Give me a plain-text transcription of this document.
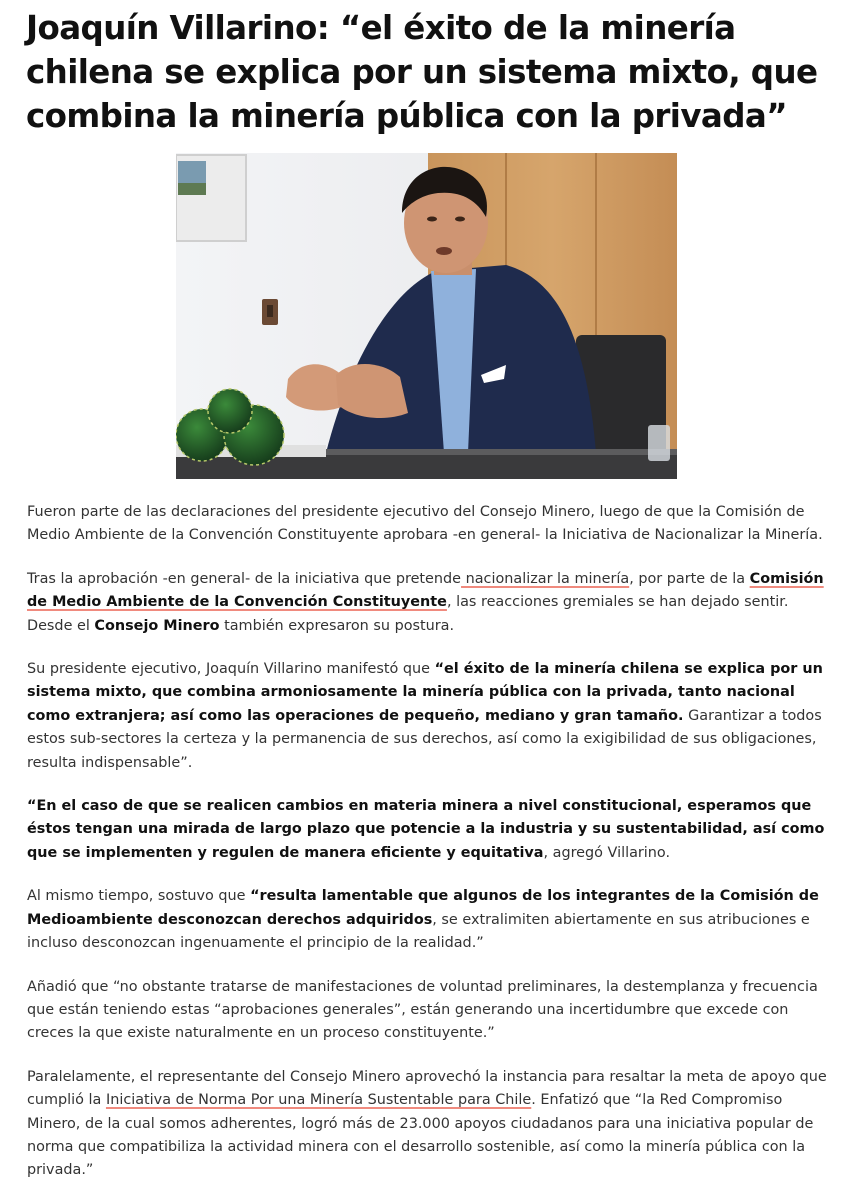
Joaquín Villarino: “el éxito de la minería chilena se explica por un sistema mixto, que combina la minería pública con la privada”

Fueron parte de las declaraciones del presidente ejecutivo del Consejo Minero, luego de que la Comisión de Medio Ambiente de la Convención Constituyente aprobara -en general- la Iniciativa de Nacionalizar la Minería.

Tras la aprobación -en general- de la iniciativa que pretende nacionalizar la minería, por parte de la Comisión de Medio Ambiente de la Convención Constituyente, las reacciones gremiales se han dejado sentir. Desde el Consejo Minero también expresaron su postura.

Su presidente ejecutivo, Joaquín Villarino manifestó que “el éxito de la minería chilena se explica por un sistema mixto, que combina armoniosamente la minería pública con la privada, tanto nacional como extranjera; así como las operaciones de pequeño, mediano y gran tamaño. Garantizar a todos estos sub-sectores la certeza y la permanencia de sus derechos, así como la exigibilidad de sus obligaciones, resulta indispensable”.

“En el caso de que se realicen cambios en materia minera a nivel constitucional, esperamos que éstos tengan una mirada de largo plazo que potencie a la industria y su sustentabilidad, así como que se implementen y regulen de manera eficiente y equitativa, agregó Villarino.

Al mismo tiempo, sostuvo que “resulta lamentable que algunos de los integrantes de la Comisión de Medioambiente desconozcan derechos adquiridos, se extralimiten abiertamente en sus atribuciones e incluso desconozcan ingenuamente el principio de la realidad.”

Añadió que “no obstante tratarse de manifestaciones de voluntad preliminares, la destemplanza y frecuencia que están teniendo estas “aprobaciones generales”, están generando una incertidumbre que excede con creces la que existe naturalmente en un proceso constituyente.”

Paralelamente, el representante del Consejo Minero aprovechó la instancia para resaltar la meta de apoyo que cumplió la Iniciativa de Norma Por una Minería Sustentable para Chile. Enfatizó que “la Red Compromiso Minero, de la cual somos adherentes, logró más de 23.000 apoyos ciudadanos para una iniciativa popular de norma que compatibiliza la actividad minera con el desarrollo sostenible, así como la minería pública con la privada.”
